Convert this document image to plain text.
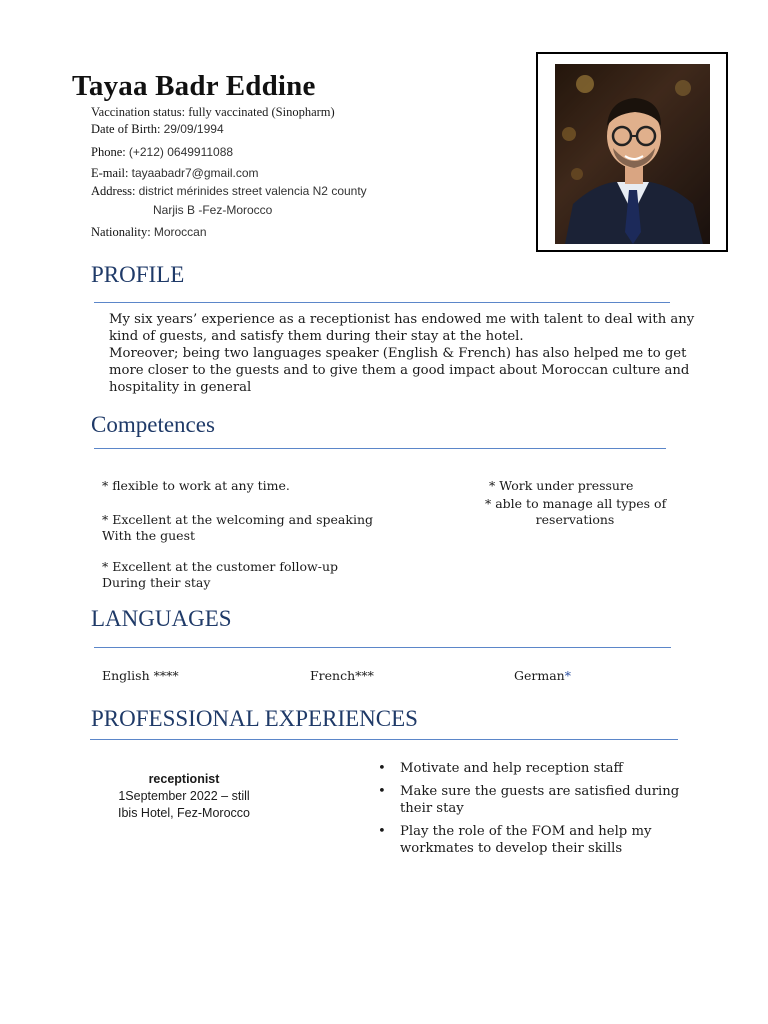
Tayaa Badr Eddine
Vaccination status: fully vaccinated (Sinopharm)
Date of Birth: 29/09/1994
Phone: (+212) 0649911088
E-mail: tayaabadr7@gmail.com
Address: district mérinides street valencia N2 county
Narjis B -Fez-Morocco
Nationality: Moroccan
PROFILE
My six years’ experience as a receptionist has endowed me with talent to deal with any
kind of guests, and satisfy them during their stay at the hotel.
Moreover; being two languages speaker (English & French) has also helped me to get
more closer to the guests and to give them a good impact about Moroccan culture and
hospitality in general
Competences
* flexible to work at any time.
* Excellent at the welcoming and speaking
With the guest
* Excellent at the customer follow-up
During their stay
* Work under pressure
* able to manage all types of
reservations
LANGUAGES
English ****	French***	German*
PROFESSIONAL EXPERIENCES
receptionist
1September 2022 – still
Ibis Hotel, Fez-Morocco
• Motivate and help reception staff
• Make sure the guests are satisfied during
their stay
• Play the role of the FOM and help my
workmates to develop their skills
